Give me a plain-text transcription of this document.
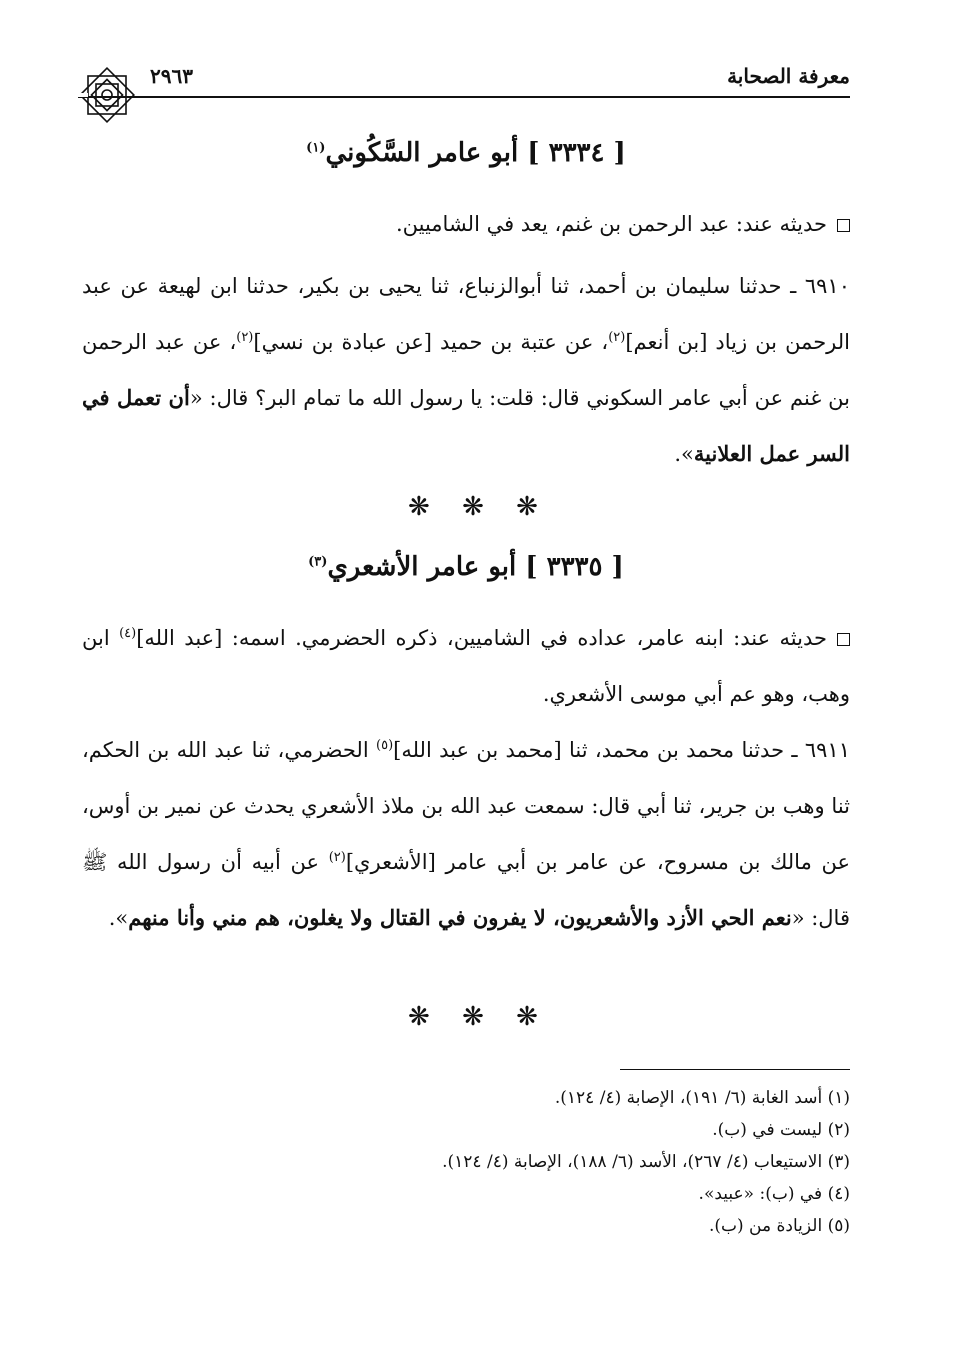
معرفة الصحابة
٢٩٦٣
[ ٣٣٣٤ ] أبو عامر السَّكُوني$^{(١)}$
حديثه عند: عبد الرحمن بن غنم، يعد في الشاميين.
٦٩١٠ ـ حدثنا سليمان بن أحمد، ثنا أبوالزنباع، ثنا يحيى بن بكير، حدثنا ابن لهيعة عن عبد الرحمن بن زياد [بن أنعم]$^{(٢)}$، عن عتبة بن حميد [عن عبادة بن نسي]$^{(٢)}$، عن عبد الرحمن بن غنم عن أبي عامر السكوني قال: قلت: يا رسول الله ما تمام البر؟ قال: «أن تعمل في السر عمل العلانية».
❋ ❋ ❋
[ ٣٣٣٥ ] أبو عامر الأشعري$^{(٣)}$
حديثه عند: ابنه عامر، عداده في الشاميين، ذكره الحضرمي. اسمه: [عبد الله]$^{(٤)}$ ابن وهب، وهو عم أبي موسى الأشعري.
٦٩١١ ـ حدثنا محمد بن محمد، ثنا [محمد بن عبد الله]$^{(٥)}$ الحضرمي، ثنا عبد الله بن الحكم، ثنا وهب بن جرير، ثنا أبي قال: سمعت عبد الله بن ملاذ الأشعري يحدث عن نمير بن أوس، عن مالك بن مسروح، عن عامر بن أبي عامر [الأشعري]$^{(٢)}$ عن أبيه أن رسول الله ﷺ قال: «نعم الحي الأزد والأشعريون، لا يفرون في القتال ولا يغلون، هم مني وأنا منهم».
❋ ❋ ❋
(١) أسد الغابة (٦/ ١٩١)، الإصابة (٤/ ١٢٤).
(٢) ليست في (ب).
(٣) الاستيعاب (٤/ ٢٦٧)، الأسد (٦/ ١٨٨)، الإصابة (٤/ ١٢٤).
(٤) في (ب): «عبيد».
(٥) الزيادة من (ب).
